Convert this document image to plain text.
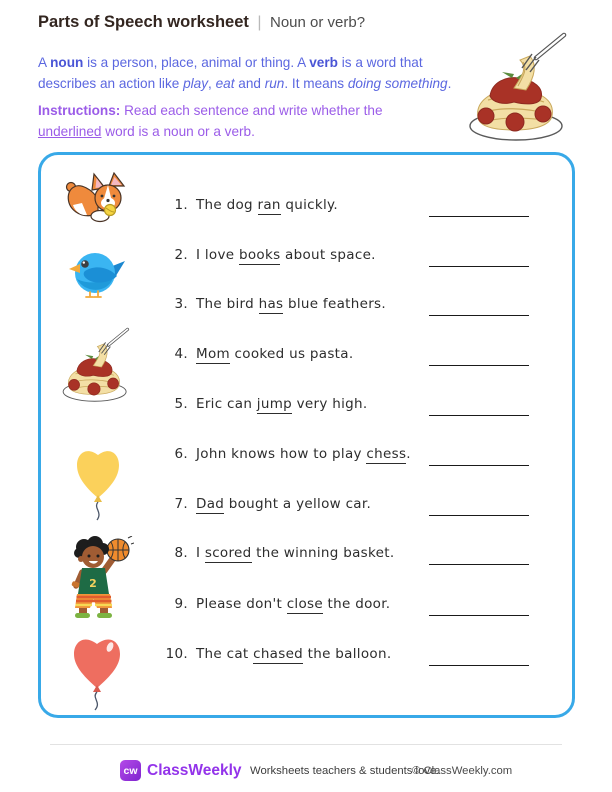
Parts of Speech worksheet | Noun or verb?

A noun is a person, place, animal or thing. A verb is a word that describes an action like play, eat and run. It means doing something.

Instructions: Read each sentence and write whether the underlined word is a noun or a verb.

2
1. The dog ran quickly.
2. I love books about space.
3. The bird has blue feathers.
4. Mom cooked us pasta.
5. Eric can jump very high.
6. John knows how to play chess.
7. Dad bought a yellow car.
8. I scored the winning basket.
9. Please don't close the door.
10. The cat chased the balloon.
cw ClassWeekly Worksheets teachers & students love.
© ClassWeekly.com
